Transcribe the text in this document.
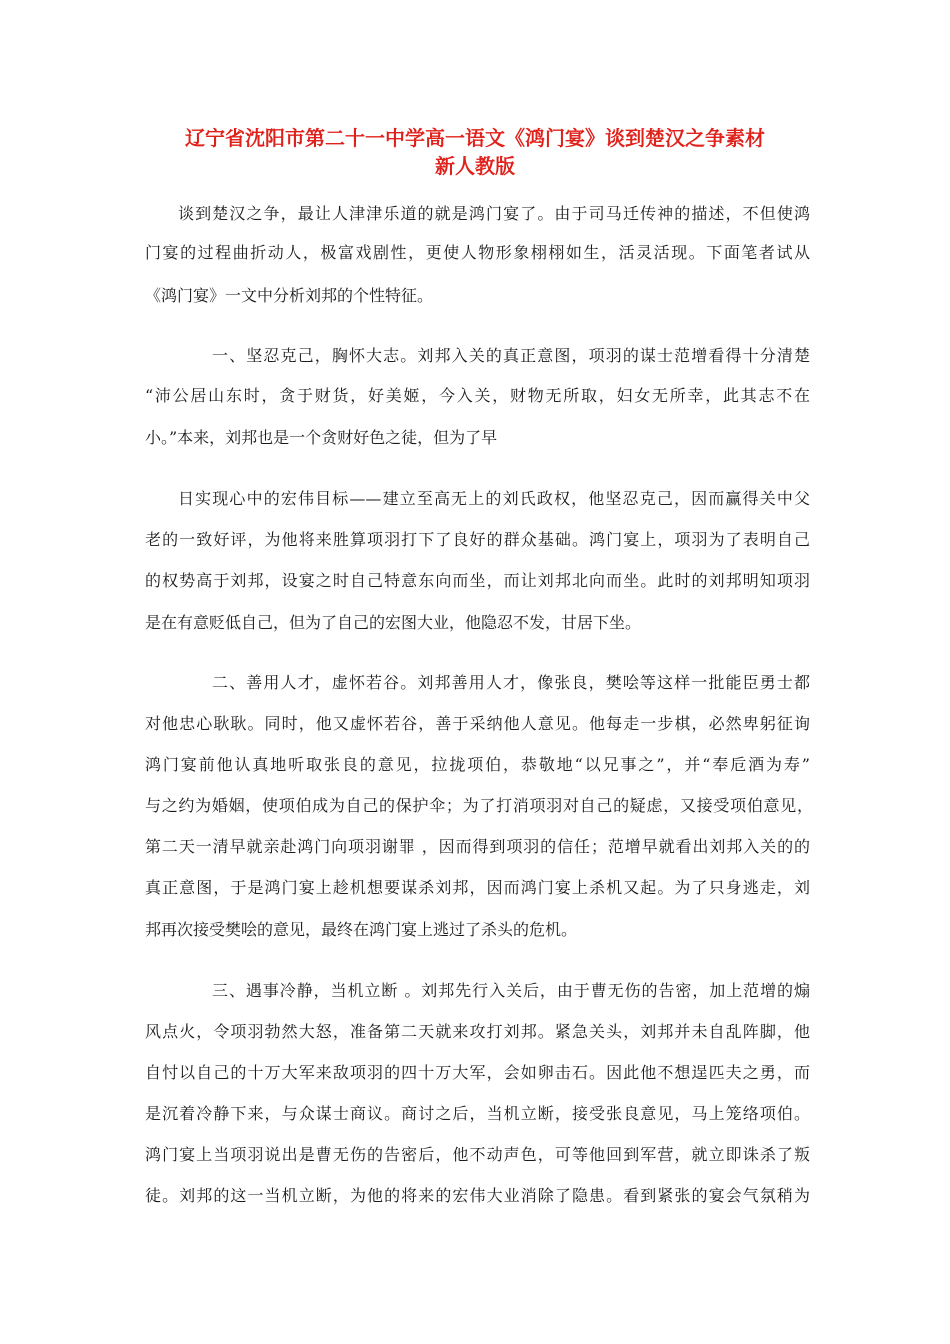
辽宁省沈阳市第二十一中学高一语文《鸿门宴》谈到楚汉之争素材
新人教版

谈到楚汉之争，最让人津津乐道的就是鸿门宴了。由于司马迁传神的描述，不但使鸿

门宴的过程曲折动人，极富戏剧性，更使人物形象栩栩如生，活灵活现。下面笔者试从

《鸿门宴》一文中分析刘邦的个性特征。

一、坚忍克己，胸怀大志。刘邦入关的真正意图，项羽的谋士范增看得十分清楚

“沛公居山东时，贪于财货，好美姬，今入关，财物无所取，妇女无所幸，此其志不在

小。”本来，刘邦也是一个贪财好色之徒，但为了早

日实现心中的宏伟目标——建立至高无上的刘氏政权，他坚忍克己，因而赢得关中父

老的一致好评，为他将来胜算项羽打下了良好的群众基础。鸿门宴上，项羽为了表明自己

的权势高于刘邦，设宴之时自己特意东向而坐，而让刘邦北向而坐。此时的刘邦明知项羽

是在有意贬低自己，但为了自己的宏图大业，他隐忍不发，甘居下坐。

二、善用人才，虚怀若谷。刘邦善用人才，像张良，樊哙等这样一批能臣勇士都

对他忠心耿耿。同时，他又虚怀若谷，善于采纳他人意见。他每走一步棋，必然卑躬征询

鸿门宴前他认真地听取张良的意见，拉拢项伯，恭敬地“以兄事之”，并“奉卮酒为寿”

与之约为婚姻，使项伯成为自己的保护伞；为了打消项羽对自己的疑虑，又接受项伯意见，

第二天一清早就亲赴鸿门向项羽谢罪 ，因而得到项羽的信任；范增早就看出刘邦入关的的

真正意图，于是鸿门宴上趁机想要谋杀刘邦，因而鸿门宴上杀机又起。为了只身逃走，刘

邦再次接受樊哙的意见，最终在鸿门宴上逃过了杀头的危机。

三、遇事冷静，当机立断 。刘邦先行入关后，由于曹无伤的告密，加上范增的煽

风点火，令项羽勃然大怒，准备第二天就来攻打刘邦。紧急关头，刘邦并未自乱阵脚，他

自忖以自己的十万大军来敌项羽的四十万大军，会如卵击石。因此他不想逞匹夫之勇，而

是沉着冷静下来，与众谋士商议。商讨之后，当机立断，接受张良意见，马上笼络项伯。

鸿门宴上当项羽说出是曹无伤的告密后，他不动声色，可等他回到军营，就立即诛杀了叛

徒。刘邦的这一当机立断，为他的将来的宏伟大业消除了隐患。看到紧张的宴会气氛稍为
